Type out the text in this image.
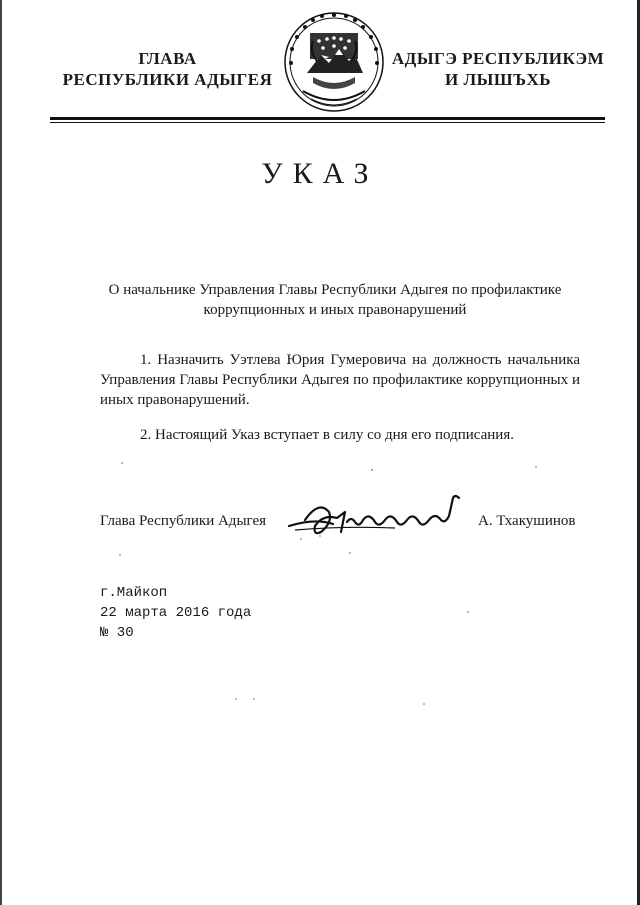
ГЛАВА
РЕСПУБЛИКИ АДЫГЕЯ
АДЫГЭ РЕСПУБЛИКЭМ
И ЛЫШЪХЬ
УКАЗ
О начальнике Управления Главы Республики Адыгея по профилактике коррупционных и иных правонарушений
1. Назначить Уэтлева Юрия Гумеровича на должность начальника Управления Главы Республики Адыгея по профилактике коррупционных и иных правонарушений.
2. Настоящий Указ вступает в силу со дня его подписания.
Глава Республики Адыгея	А. Тхакушинов
г.Майкоп
22 марта 2016 года
№ 30
